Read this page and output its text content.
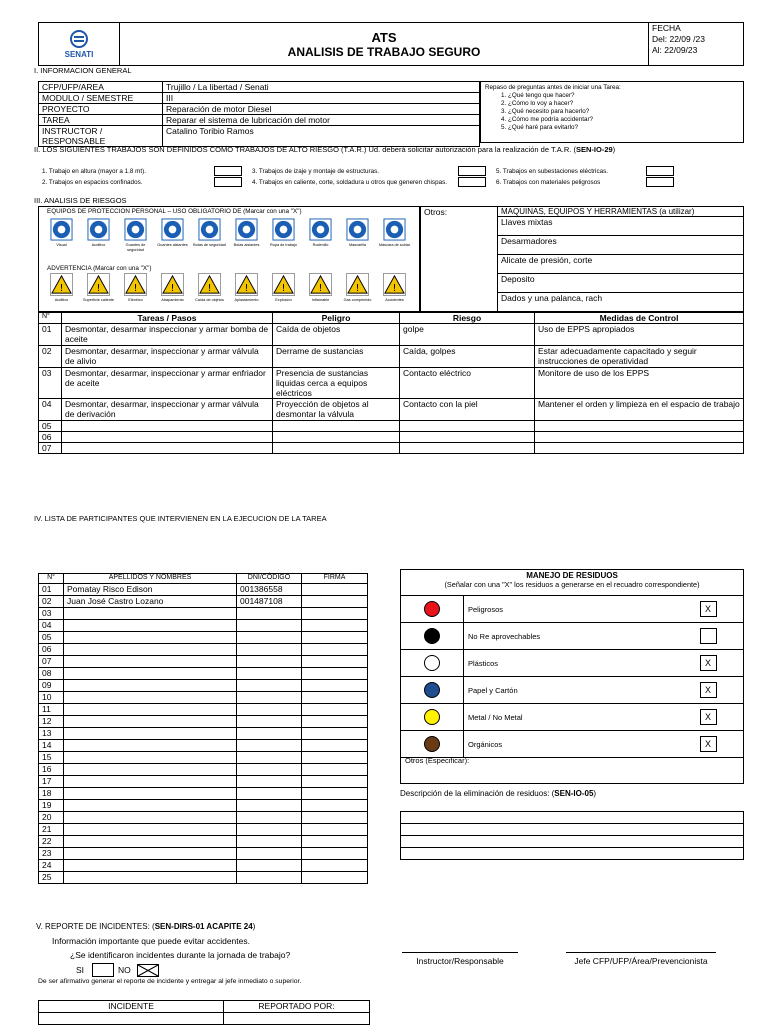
SENATI

ATS
ANALISIS DE TRABAJO SEGURO

FECHA
Del: 22/09 /23
Al: 22/09/23
I. INFORMACION GENERAL
CFP/UFP/AREA	Trujillo / La libertad / Senati
MODULO / SEMESTRE	III
PROYECTO	Reparación de motor Diesel
TAREA	Reparar el sistema de lubricación del motor
INSTRUCTOR / RESPONSABLE	Catalino Toribio Ramos
Repaso de preguntas antes de iniciar una Tarea:
1. ¿Qué tengo que hacer?
2. ¿Cómo lo voy a hacer?
3. ¿Qué necesito para hacerlo?
4. ¿Cómo me podría accidentar?
5. ¿Qué haré para evitarlo?
II. LOS SIGUIENTES TRABAJOS SON DEFINIDOS COMO TRABAJOS DE ALTO RIESGO (T.A.R.) Ud. deberá solicitar autorización para la realización de T.A.R. (SEN-IO-29)
1. Trabajo en altura (mayor a 1.8 mt).
2. Trabajos en espacios confinados.
3. Trabajos de izaje y montaje de estructuras.
4. Trabajos en caliente, corte, soldadura u otros que generen chispas.
5. Trabajos en subestaciones eléctricas.
6. Trabajos con materiales peligrosos
III. ANALISIS DE RIESGOS
EQUIPOS DE PROTECCION PERSONAL – USO OBLIGATORIO DE (Marcar con una "X")
Visual	Auditivo	Guantes de seguridad
Guantes aislantes	Botas de seguridad	Botas aislantes	Ropa de trabajo	Rodenillo	Mascarilla	Máscara de soldar
ADVERTENCIA (Marcar con una "X")
!
Auditivo
!
Superficie caliente
!
Eléctrico
!
Atrapamiento
!
Caída de objetos
!
Aplastamiento
!
Explosión
!
Inflamable
!
Gas comprimido
!
Accidentes
Otros:	MAQUINAS, EQUIPOS Y HERRAMIENTAS (a utilizar)
Llaves mixtas
Desarmadores
Alicate de presión, corte
Deposito
Dados y una palanca, rach
N°	Tareas / Pasos	Peligro	Riesgo	Medidas de Control
01	Desmontar, desarmar inspeccionar y armar bomba de aceite	Caída de objetos	golpe	Uso de EPPS apropiados
02	Desmontar, desarmar, inspeccionar y armar válvula de alivio	Derrame de sustancias	Caída, golpes	Estar adecuadamente capacitado y seguir instrucciones de operatividad
03	Desmontar, desarmar, inspeccionar y armar enfriador de aceite	Presencia de sustancias liquidas cerca a equipos eléctricos	Contacto eléctrico	Monitore de uso de los EPPS
04	Desmontar, desarmar, inspeccionar y armar válvula de derivación	Proyección de objetos al desmontar la válvula	Contacto con la piel	Mantener el orden y limpieza en el espacio de trabajo
05				
06				
07				
IV. LISTA DE PARTICIPANTES QUE INTERVIENEN EN LA EJECUCION DE LA TAREA
N°	APELLIDOS Y NOMBRES	DNI/CÓDIGO	FIRMA
01	Pomatay Risco Edison	001386558	
02	Juan José Castro Lozano	001487108	
03			
04			
05			
06			
07			
08			
09			
10			
11			
12			
13			
14			
15			
16			
17			
18			
19			
20			
21			
22			
23			
24			
25			
MANEJO DE RESIDUOS
(Señalar con una "X" los residuos a generarse en el recuadro correspondiente)
Peligrosos	X
No Re aprovechables
Plásticos	X
Papel y Cartón	X
Metal / No Metal	X
Orgánicos	X
Otros (Especificar):
Descripción de la eliminación de residuos: (SEN-IO-05)

V. REPORTE DE INCIDENTES: (SEN-DIRS-01 ACAPITE 24)
Información importante que puede evitar accidentes.
¿Se identificaron incidentes durante la jornada de trabajo?
SI	NO
De ser afirmativo generar el reporte de incidente y entregar al jefe inmediato o superior.
INCIDENTE	REPORTADO POR:

Instructor/Responsable	Jefe CFP/UFP/Área/Prevencionista
